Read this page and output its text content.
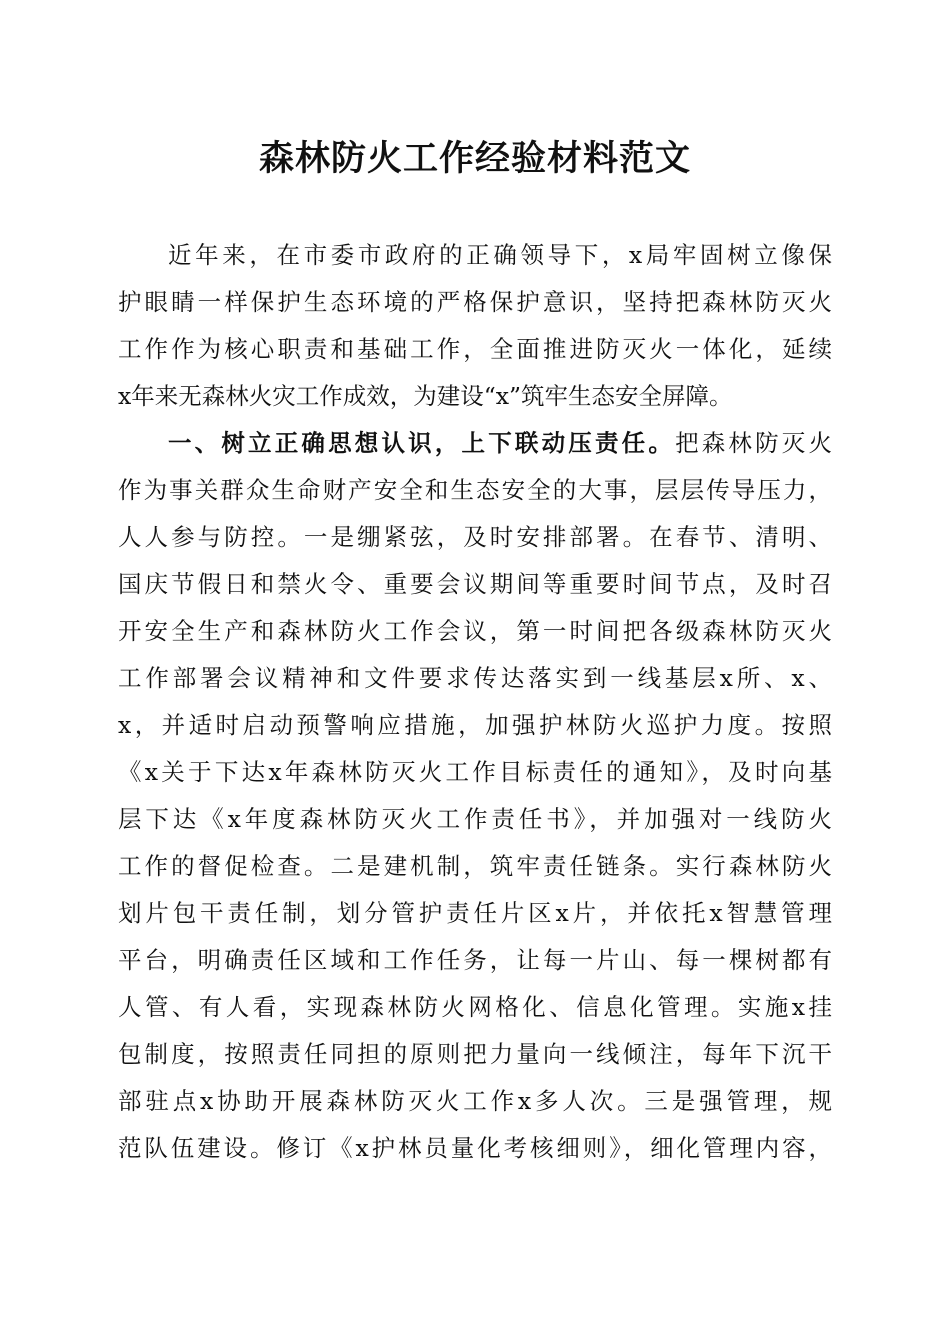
森林防火工作经验材料范文
近年来，在市委市政府的正确领导下，x局牢固树立像保
护眼睛一样保护生态环境的严格保护意识，坚持把森林防灭火
工作作为核心职责和基础工作，全面推进防灭火一体化，延续
x年来无森林火灾工作成效，为建设“x”筑牢生态安全屏障。
一、树立正确思想认识，上下联动压责任。把森林防灭火
作为事关群众生命财产安全和生态安全的大事，层层传导压力，
人人参与防控。一是绷紧弦，及时安排部署。在春节、清明、
国庆节假日和禁火令、重要会议期间等重要时间节点，及时召
开安全生产和森林防火工作会议，第一时间把各级森林防灭火
工作部署会议精神和文件要求传达落实到一线基层x所、x、
x，并适时启动预警响应措施，加强护林防火巡护力度。按照
《x关于下达x年森林防灭火工作目标责任的通知》，及时向基
层下达《x年度森林防灭火工作责任书》，并加强对一线防火
工作的督促检查。二是建机制，筑牢责任链条。实行森林防火
划片包干责任制，划分管护责任片区x片，并依托x智慧管理
平台，明确责任区域和工作任务，让每一片山、每一棵树都有
人管、有人看，实现森林防火网格化、信息化管理。实施x挂
包制度，按照责任同担的原则把力量向一线倾注，每年下沉干
部驻点x协助开展森林防灭火工作x多人次。三是强管理，规
范队伍建设。修订《x护林员量化考核细则》，细化管理内容，
